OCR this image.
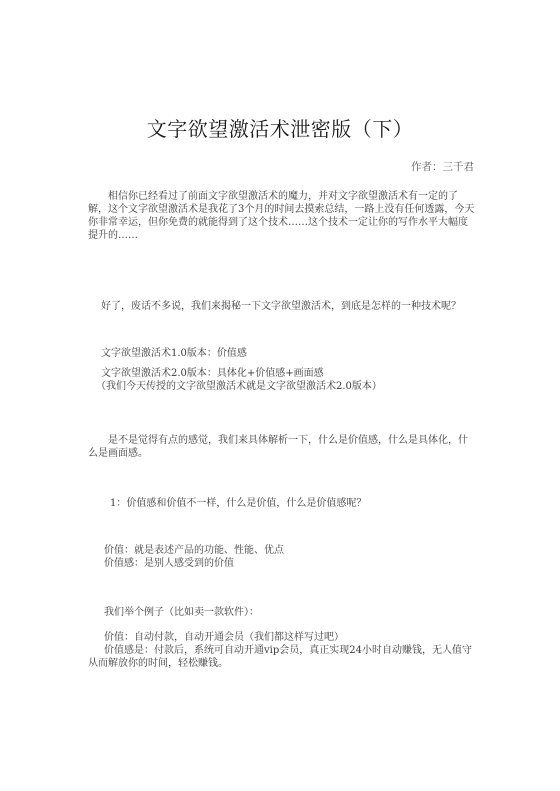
文字欲望激活术泄密版（下）
作者：三千君

相信你已经看过了前面文字欲望激活术的魔力，并对文字欲望激活术有一定的了解，这个文字欲望激活术是我花了3个月的时间去摸索总结，一路上没有任何透露，今天你非常幸运，但你免费的就能得到了这个技术……这个技术一定让你的写作水平大幅度提升的……

好了，废话不多说，我们来揭秘一下文字欲望激活术，到底是怎样的一种技术呢？
文字欲望激活术1.0版本：价值感
文字欲望激活术2.0版本：具体化+价值感+画面感
（我们今天传授的文字欲望激活术就是文字欲望激活术2.0版本）

是不是觉得有点的感觉，我们来具体解析一下，什么是价值感，什么是具体化，什么是画面感。

1：价值感和价值不一样，什么是价值，什么是价值感呢？
价值：就是表述产品的功能、性能、优点
价值感：是别人感受到的价值
我们举个例子（比如卖一款软件）：
价值：自动付款，自动开通会员（我们都这样写过吧）

价值感是：付款后，系统可自动开通vip会员，真正实现24小时自动赚钱，无人值守从而解放你的时间，轻松赚钱。
